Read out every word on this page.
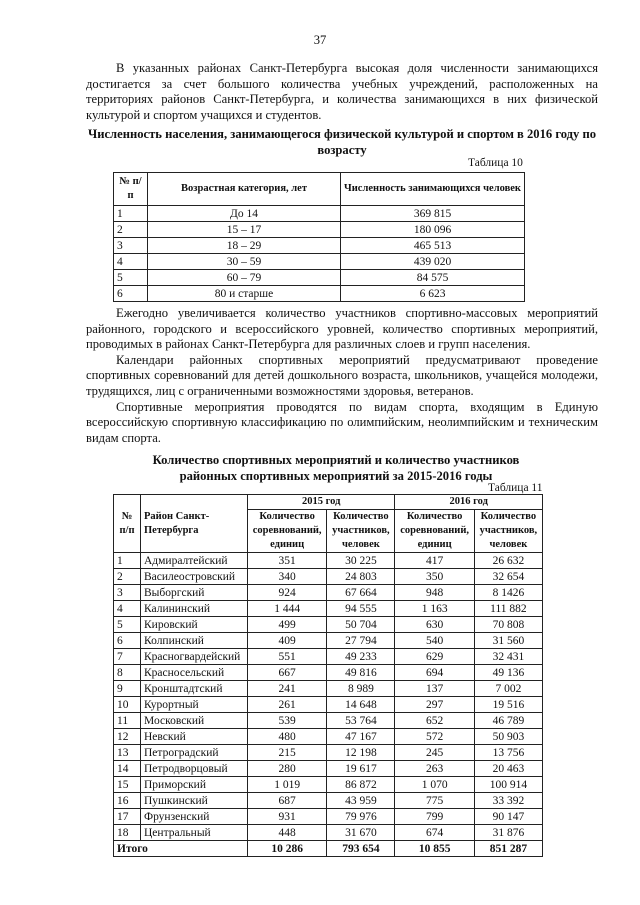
37

В указанных районах Санкт-Петербурга высокая доля численности занимающихся достигается за счет большого количества учебных учреждений, расположенных на территориях районов Санкт-Петербурга, и количества занимающихся в них физической культурой и спортом учащихся и студентов.

Численность населения, занимающегося физической культурой и спортом в 2016 году по возрасту
Таблица 10
№ п/п	Возрастная категория, лет	Численность занимающихся человек
1	До 14	369 815
2	15 – 17	180 096
3	18 – 29	465 513
4	30 – 59	439 020
5	60 – 79	84 575
6	80 и старше	6 623

Ежегодно увеличивается количество участников спортивно-массовых мероприятий районного, городского и всероссийского уровней, количество спортивных мероприятий, проводимых в районах Санкт-Петербурга для различных слоев и групп населения.

Календари районных спортивных мероприятий предусматривают проведение спортивных соревнований для детей дошкольного возраста, школьников, учащейся молодежи, трудящихся, лиц с ограниченными возможностями здоровья, ветеранов.

Спортивные мероприятия проводятся по видам спорта, входящим в Единую всероссийскую спортивную классификацию по олимпийским, неолимпийским и техническим видам спорта.

Количество спортивных мероприятий и количество участников районных спортивных мероприятий за 2015-2016 годы
Таблица 11
№ п/п	Район Санкт-Петербурга	2015 год		2016 год	
		Количество соревнований, единиц	Количество участников, человек	Количество соревнований, единиц	Количество участников, человек
1	Адмиралтейский	351	30 225	417	26 632
2	Василеостровский	340	24 803	350	32 654
3	Выборгский	924	67 664	948	8 1426
4	Калининский	1 444	94 555	1 163	111 882
5	Кировский	499	50 704	630	70 808
6	Колпинский	409	27 794	540	31 560
7	Красногвардейский	551	49 233	629	32 431
8	Красносельский	667	49 816	694	49 136
9	Кронштадтский	241	8 989	137	7 002
10	Курортный	261	14 648	297	19 516
11	Московский	539	53 764	652	46 789
12	Невский	480	47 167	572	50 903
13	Петроградский	215	12 198	245	13 756
14	Петродворцовый	280	19 617	263	20 463
15	Приморский	1 019	86 872	1 070	100 914
16	Пушкинский	687	43 959	775	33 392
17	Фрунзенский	931	79 976	799	90 147
18	Центральный	448	31 670	674	31 876
Итого		10 286	793 654	10 855	851 287
